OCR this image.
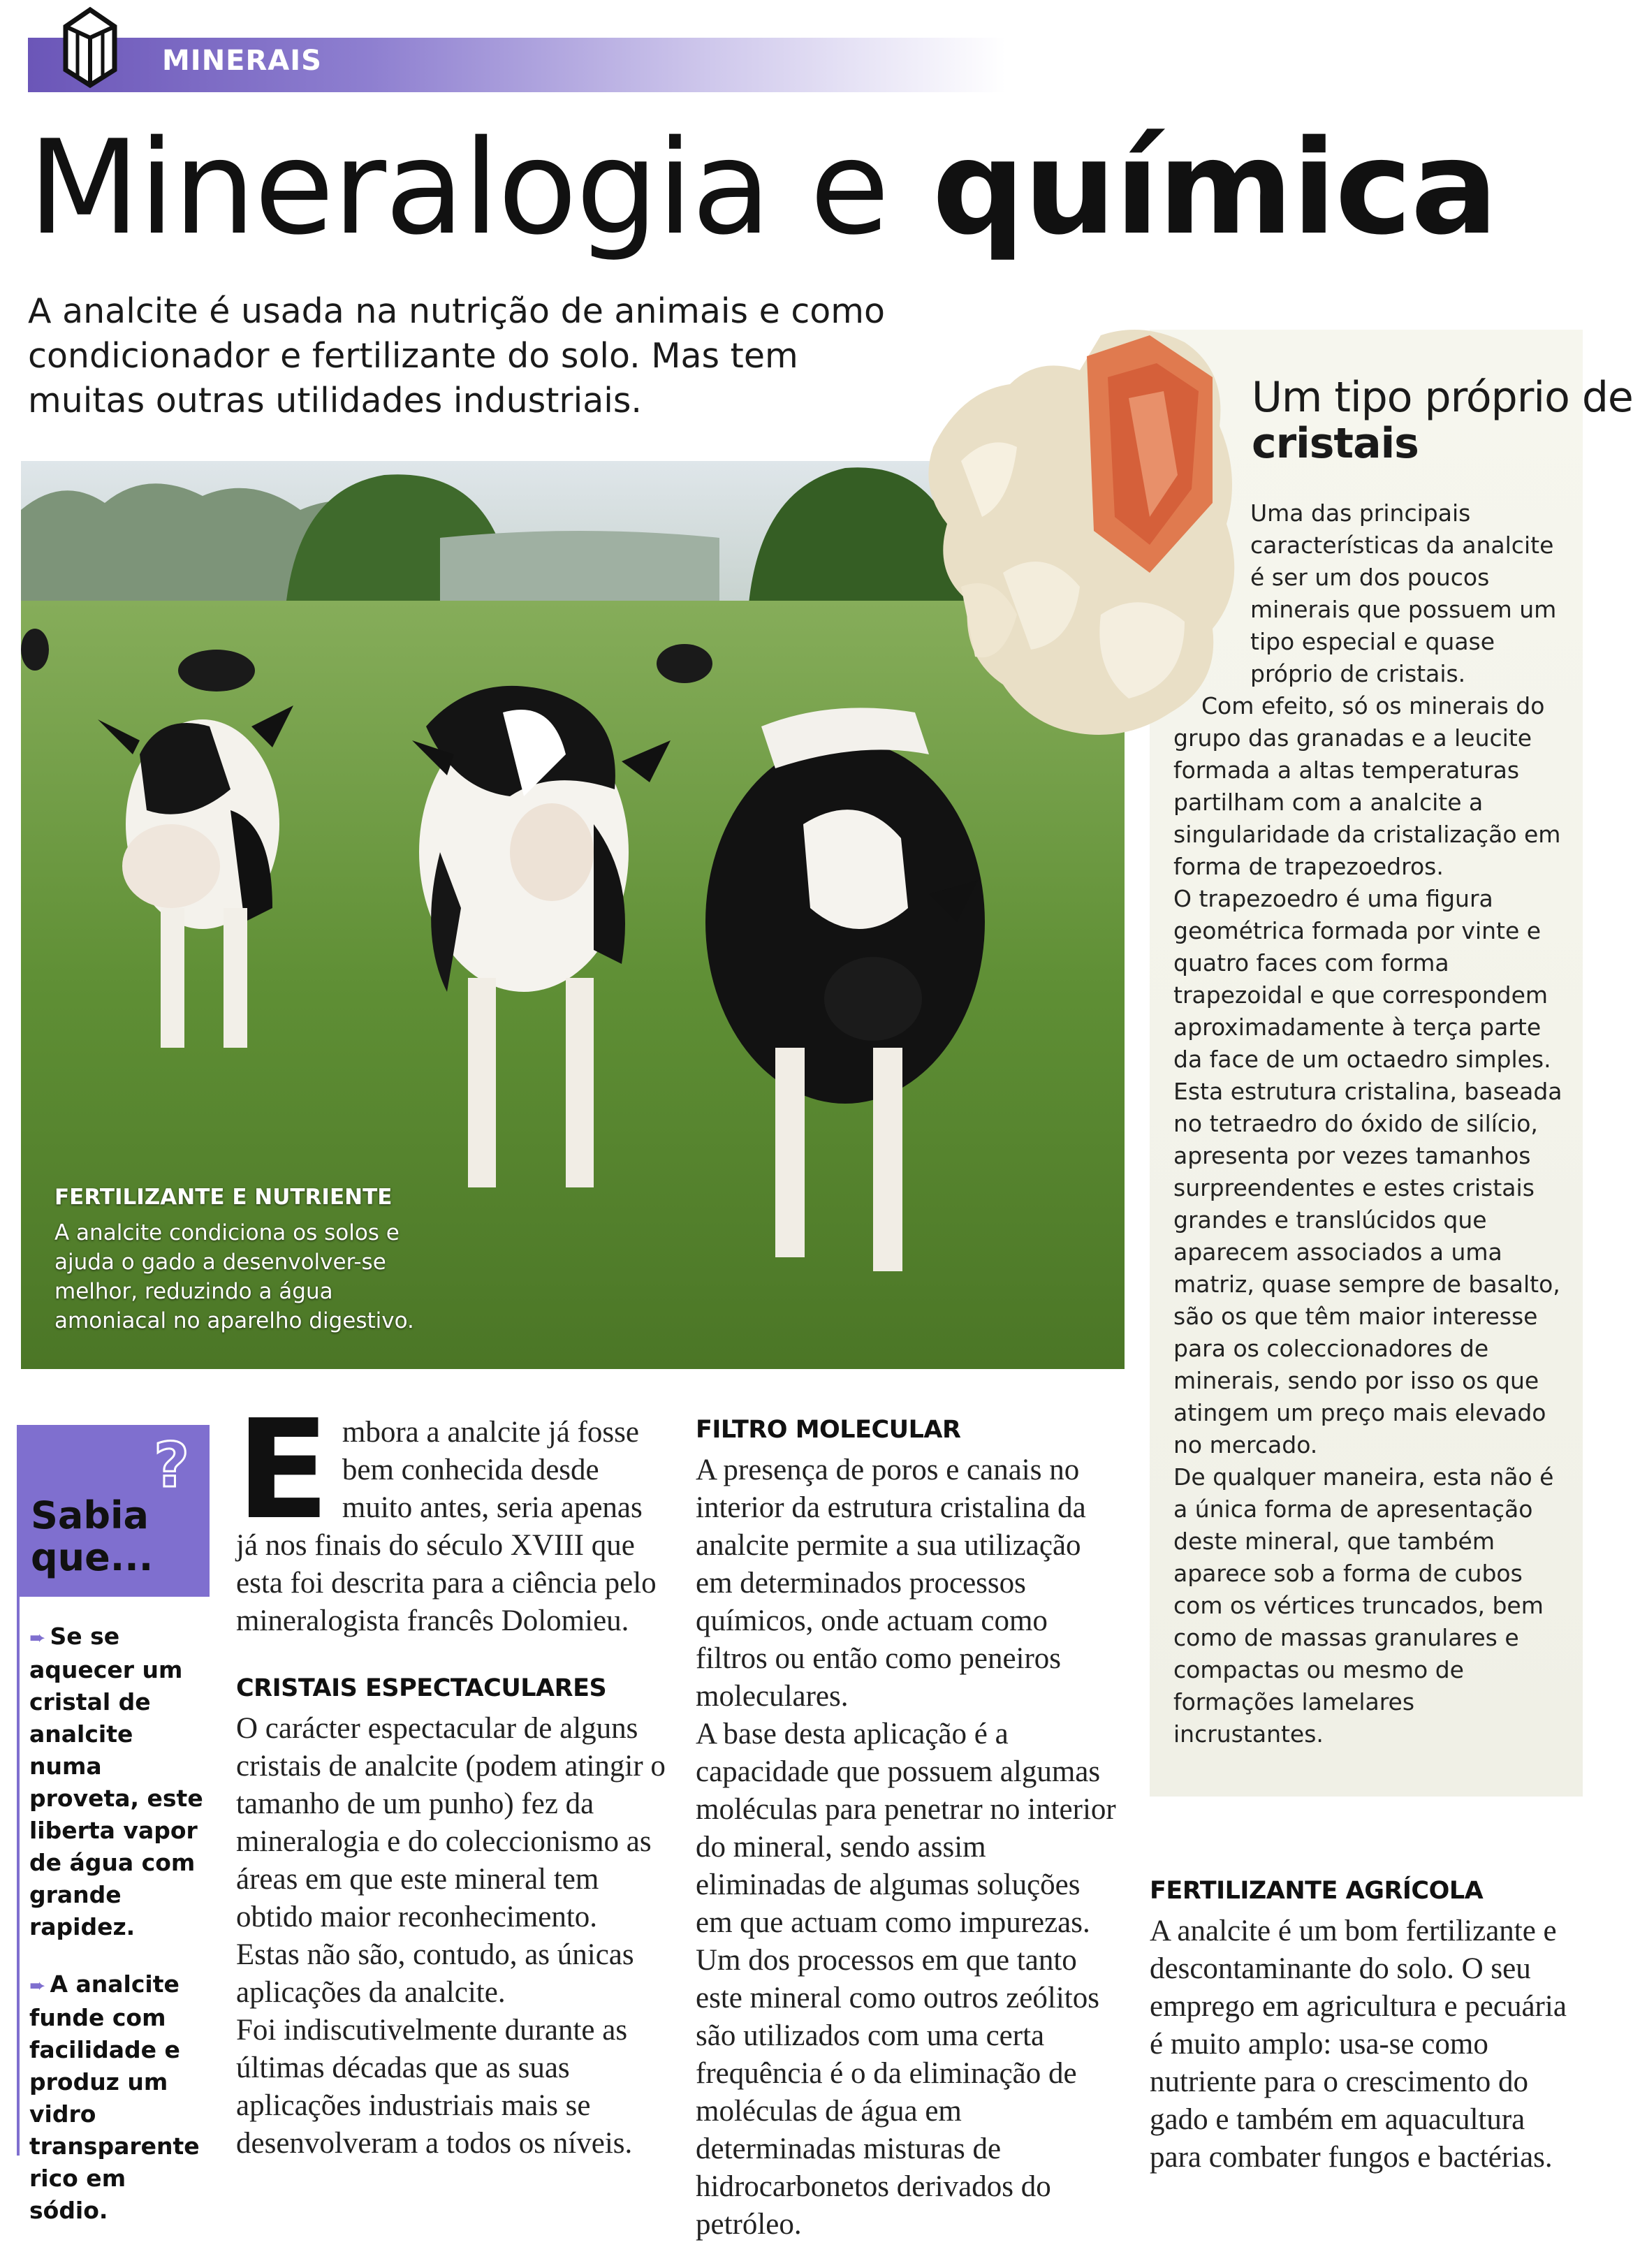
MINERAIS
Mineralogia e química

A analcite é usada na nutrição de animais e como condicionador e fertilizante do solo. Mas tem muitas outras utilidades industriais.

FERTILIZANTE E NUTRIENTE
A analcite condiciona os solos e ajuda o gado a desenvolver-se melhor, reduzindo a água amoniacal no aparelho digestivo.
Um tipo próprio de
cristais

Uma das principais características da analcite é ser um dos poucos minerais que possuem um tipo especial e quase próprio de cristais.

Com efeito, só os minerais do grupo das granadas e a leucite formada a altas temperaturas partilham com a analcite a singularidade da cristalização em forma de trapezoedros.

O trapezoedro é uma figura geométrica formada por vinte e quatro faces com forma trapezoidal e que correspondem aproximadamente à terça parte da face de um octaedro simples.

Esta estrutura cristalina, baseada no tetraedro do óxido de silício, apresenta por vezes tamanhos surpreendentes e estes cristais grandes e translúcidos que aparecem associados a uma matriz, quase sempre de basalto, são os que têm maior interesse para os coleccionadores de minerais, sendo por isso os que atingem um preço mais elevado no mercado.

De qualquer maneira, esta não é a única forma de apresentação deste mineral, que também aparece sob a forma de cubos com os vértices truncados, bem como de massas granulares e compactas ou mesmo de formações lamelares incrustantes.

?
Sabia que...
➨ Se se aquecer um cristal de analcite numa proveta, este liberta vapor de água com grande rapidez.
➨ A analcite funde com facilidade e produz um vidro transparente rico em sódio.

Embora a analcite já fosse bem conhecida desde muito antes, seria apenas já nos finais do século XVIII que esta foi descrita para a ciência pelo mineralogista francês Dolomieu.

CRISTAIS ESPECTACULARES

O carácter espectacular de alguns cristais de analcite (podem atingir o tamanho de um punho) fez da mineralogia e do coleccionismo as áreas em que este mineral tem obtido maior reconhecimento.

Estas não são, contudo, as únicas aplicações da analcite.

Foi indiscutivelmente durante as últimas décadas que as suas aplicações industriais mais se desenvolveram a todos os níveis.

FILTRO MOLECULAR

A presença de poros e canais no interior da estrutura cristalina da analcite permite a sua utilização em determinados processos químicos, onde actuam como filtros ou então como peneiros moleculares.

A base desta aplicação é a capacidade que possuem algumas moléculas para penetrar no interior do mineral, sendo assim eliminadas de algumas soluções em que actuam como impurezas.

Um dos processos em que tanto este mineral como outros zeólitos são utilizados com uma certa frequência é o da eliminação de moléculas de água em determinadas misturas de hidrocarbonetos derivados do petróleo.

FERTILIZANTE AGRÍCOLA

A analcite é um bom fertilizante e descontaminante do solo. O seu emprego em agricultura e pecuária é muito amplo: usa-se como nutriente para o crescimento do gado e também em aquacultura para combater fungos e bactérias.
